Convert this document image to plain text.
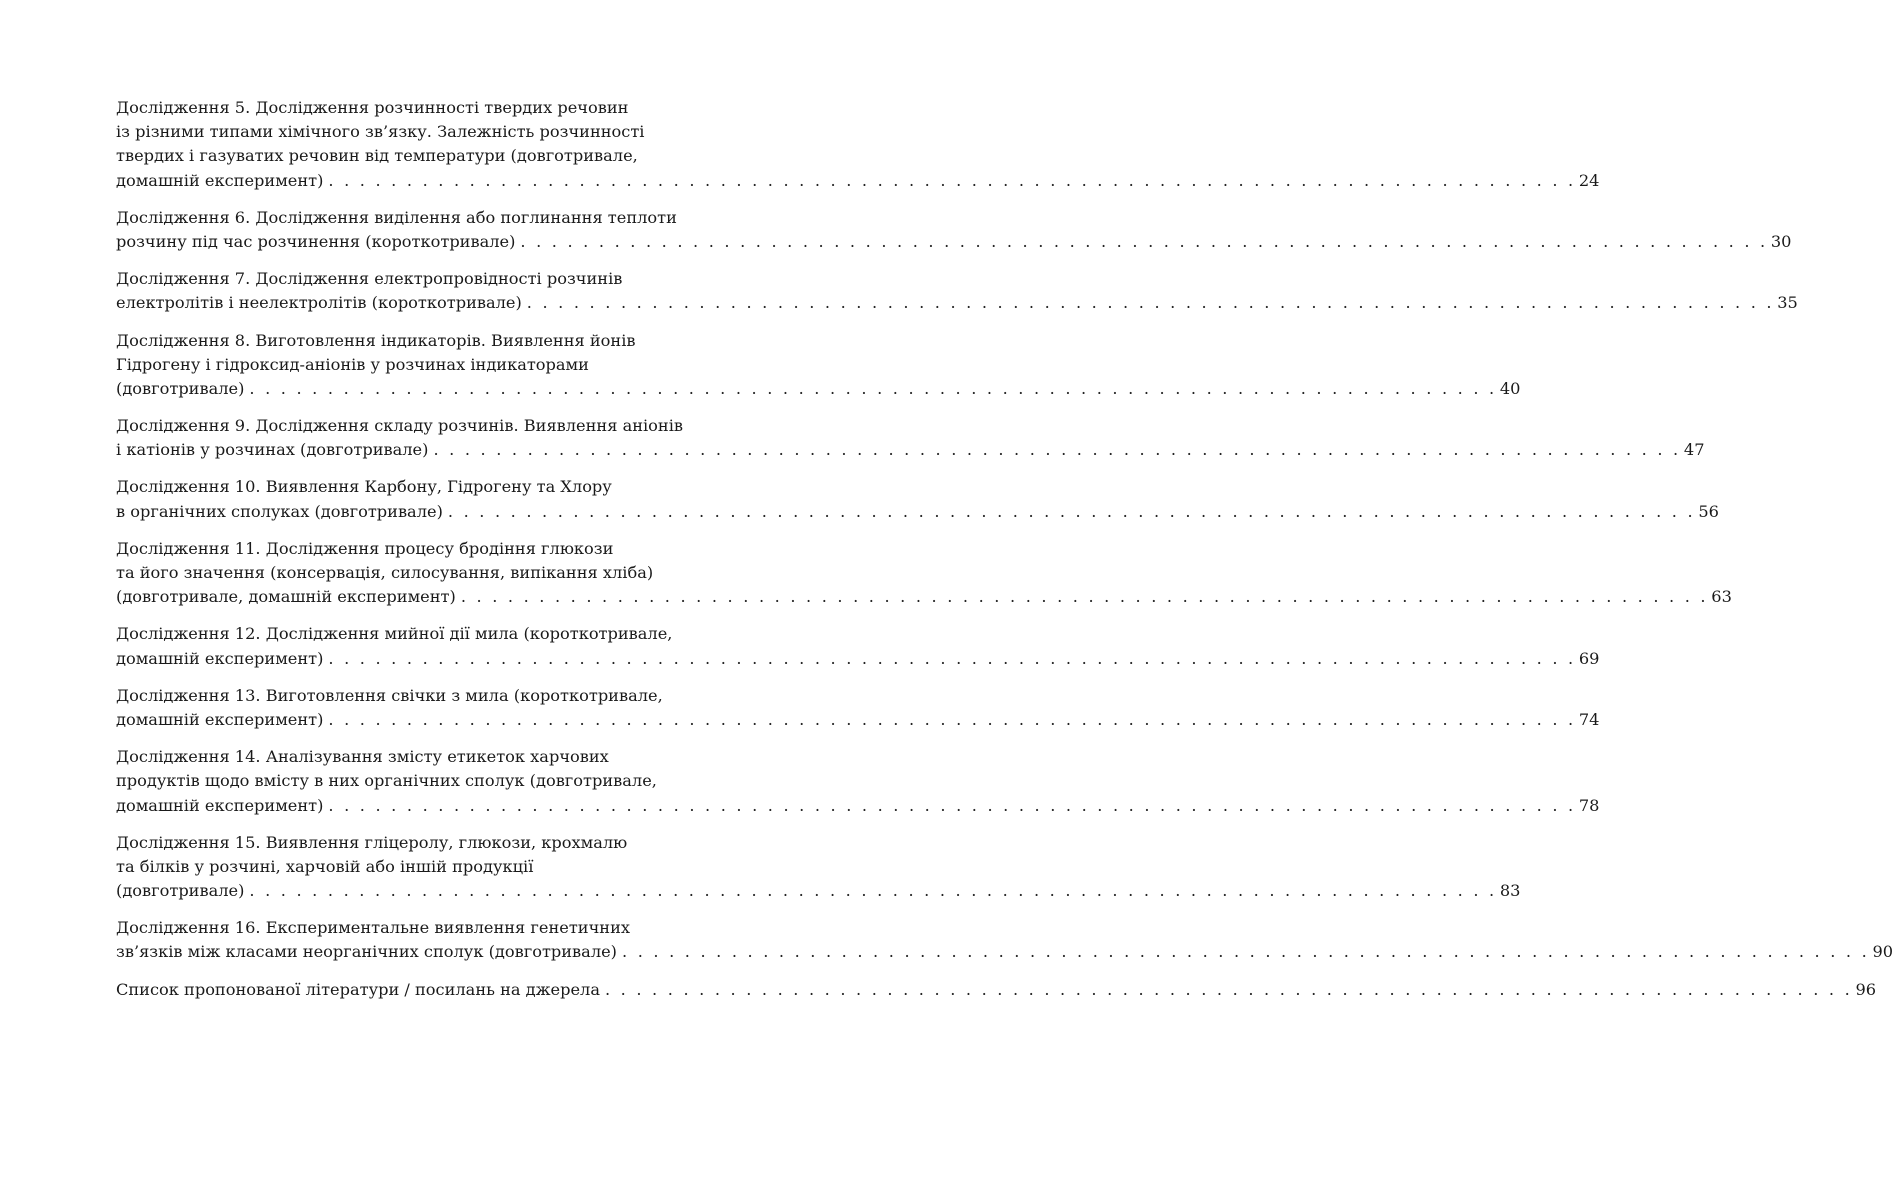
Дослідження 5. Дослідження розчинності твердих речовин
із різними типами хімічного зв’язку. Залежність розчинності
твердих і газуватих речовин від температури (довготривале,
домашній експеримент) . . . . . . . . . . . . . . . . . . . . . . . . . . . . . . . . . . . . . . . . . . . . . . . . . . . . . . . . . . . . . . . . . . . . . . . . . . . . . . . . 24
Дослідження 6. Дослідження виділення або поглинання теплоти
розчину під час розчинення (короткотривале) . . . . . . . . . . . . . . . . . . . . . . . . . . . . . . . . . . . . . . . . . . . . . . . . . . . . . . . . . . . . . . . . . . . . . . . . . . . . . . . . 30
Дослідження 7. Дослідження електропровідності розчинів
електролітів і неелектролітів (короткотривале) . . . . . . . . . . . . . . . . . . . . . . . . . . . . . . . . . . . . . . . . . . . . . . . . . . . . . . . . . . . . . . . . . . . . . . . . . . . . . . . . 35
Дослідження 8. Виготовлення індикаторів. Виявлення йонів
Гідрогену і гідроксид-аніонів у розчинах індикаторами
(довготривале) . . . . . . . . . . . . . . . . . . . . . . . . . . . . . . . . . . . . . . . . . . . . . . . . . . . . . . . . . . . . . . . . . . . . . . . . . . . . . . . . 40
Дослідження 9. Дослідження складу розчинів. Виявлення аніонів
і катіонів у розчинах (довготривале) . . . . . . . . . . . . . . . . . . . . . . . . . . . . . . . . . . . . . . . . . . . . . . . . . . . . . . . . . . . . . . . . . . . . . . . . . . . . . . . . 47
Дослідження 10. Виявлення Карбону, Гідрогену та Хлору
в органічних сполуках (довготривале) . . . . . . . . . . . . . . . . . . . . . . . . . . . . . . . . . . . . . . . . . . . . . . . . . . . . . . . . . . . . . . . . . . . . . . . . . . . . . . . . 56
Дослідження 11. Дослідження процесу бродіння глюкози
та його значення (консервація, силосування, випікання хліба)
(довготривале, домашній експеримент) . . . . . . . . . . . . . . . . . . . . . . . . . . . . . . . . . . . . . . . . . . . . . . . . . . . . . . . . . . . . . . . . . . . . . . . . . . . . . . . . 63
Дослідження 12. Дослідження мийної дії мила (короткотривале,
домашній експеримент) . . . . . . . . . . . . . . . . . . . . . . . . . . . . . . . . . . . . . . . . . . . . . . . . . . . . . . . . . . . . . . . . . . . . . . . . . . . . . . . . 69
Дослідження 13. Виготовлення свічки з мила (короткотривале,
домашній експеримент) . . . . . . . . . . . . . . . . . . . . . . . . . . . . . . . . . . . . . . . . . . . . . . . . . . . . . . . . . . . . . . . . . . . . . . . . . . . . . . . . 74
Дослідження 14. Аналізування змісту етикеток харчових
продуктів щодо вмісту в них органічних сполук (довготривале,
домашній експеримент) . . . . . . . . . . . . . . . . . . . . . . . . . . . . . . . . . . . . . . . . . . . . . . . . . . . . . . . . . . . . . . . . . . . . . . . . . . . . . . . . 78
Дослідження 15. Виявлення гліцеролу, глюкози, крохмалю
та білків у розчині, харчовій або іншій продукції
(довготривале) . . . . . . . . . . . . . . . . . . . . . . . . . . . . . . . . . . . . . . . . . . . . . . . . . . . . . . . . . . . . . . . . . . . . . . . . . . . . . . . . 83
Дослідження 16. Експериментальне виявлення генетичних
зв’язків між класами неорганічних сполук (довготривале) . . . . . . . . . . . . . . . . . . . . . . . . . . . . . . . . . . . . . . . . . . . . . . . . . . . . . . . . . . . . . . . . . . . . . . . . . . . . . . . . 90
Список пропонованої літератури / посилань на джерела . . . . . . . . . . . . . . . . . . . . . . . . . . . . . . . . . . . . . . . . . . . . . . . . . . . . . . . . . . . . . . . . . . . . . . . . . . . . . . . . 96
